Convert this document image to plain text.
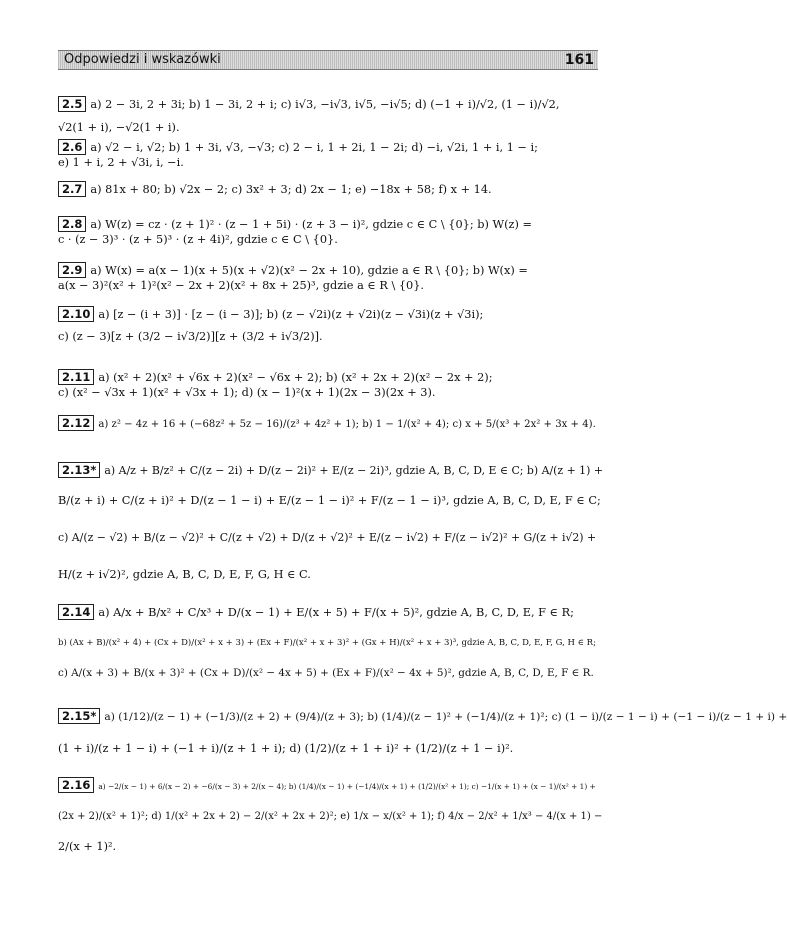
Odpowiedzi i wskazówki	161
2.5 a) 2 − 3i, 2 + 3i; b) 1 − 3i, 2 + i; c) i√3, −i√3, i√5, −i√5; d) (−1 + i)/√2, (1 − i)/√2,
√2(1 + i), −√2(1 + i).
2.6 a) √2 − i, √2; b) 1 + 3i, √3, −√3; c) 2 − i, 1 + 2i, 1 − 2i; d) −i, √2i, 1 + i, 1 − i;
e) 1 + i, 2 + √3i, i, −i.
2.7 a) 81x + 80; b) √2x − 2; c) 3x² + 3; d) 2x − 1; e) −18x + 58; f) x + 14.
2.8 a) W(z) = cz · (z + 1)² · (z − 1 + 5i) · (z + 3 − i)², gdzie c ∈ C \ {0}; b) W(z) =
c · (z − 3)³ · (z + 5)³ · (z + 4i)², gdzie c ∈ C \ {0}.
2.9 a) W(x) = a(x − 1)(x + 5)(x + √2)(x² − 2x + 10), gdzie a ∈ R \ {0}; b) W(x) =
a(x − 3)²(x² + 1)²(x² − 2x + 2)(x² + 8x + 25)³, gdzie a ∈ R \ {0}.
2.10 a) [z − (i + 3)] · [z − (i − 3)]; b) (z − √2i)(z + √2i)(z − √3i)(z + √3i);
c) (z − 3)[z + (3/2 − i√3/2)][z + (3/2 + i√3/2)].
2.11 a) (x² + 2)(x² + √6x + 2)(x² − √6x + 2); b) (x² + 2x + 2)(x² − 2x + 2);
c) (x² − √3x + 1)(x² + √3x + 1); d) (x − 1)²(x + 1)(2x − 3)(2x + 3).
2.12 a) z² − 4z + 16 + (−68z² + 5z − 16)/(z³ + 4z² + 1); b) 1 − 1/(x² + 4); c) x + 5/(x³ + 2x² + 3x + 4).
2.13* a) A/z + B/z² + C/(z − 2i) + D/(z − 2i)² + E/(z − 2i)³, gdzie A, B, C, D, E ∈ C; b) A/(z + 1) +
B/(z + i) + C/(z + i)² + D/(z − 1 − i) + E/(z − 1 − i)² + F/(z − 1 − i)³, gdzie A, B, C, D, E, F ∈ C;
c) A/(z − √2) + B/(z − √2)² + C/(z + √2) + D/(z + √2)² + E/(z − i√2) + F/(z − i√2)² + G/(z + i√2) +
H/(z + i√2)², gdzie A, B, C, D, E, F, G, H ∈ C.
2.14 a) A/x + B/x² + C/x³ + D/(x − 1) + E/(x + 5) + F/(x + 5)², gdzie A, B, C, D, E, F ∈ R;
b) (Ax + B)/(x² + 4) + (Cx + D)/(x² + x + 3) + (Ex + F)/(x² + x + 3)² + (Gx + H)/(x² + x + 3)³, gdzie A, B, C, D, E, F, G, H ∈ R;
c) A/(x + 3) + B/(x + 3)² + (Cx + D)/(x² − 4x + 5) + (Ex + F)/(x² − 4x + 5)², gdzie A, B, C, D, E, F ∈ R.
2.15* a) (1/12)/(z − 1) + (−1/3)/(z + 2) + (9/4)/(z + 3); b) (1/4)/(z − 1)² + (−1/4)/(z + 1)²; c) (1 − i)/(z − 1 − i) + (−1 − i)/(z − 1 + i) +
(1 + i)/(z + 1 − i) + (−1 + i)/(z + 1 + i); d) (1/2)/(z + 1 + i)² + (1/2)/(z + 1 − i)².
2.16 a) −2/(x − 1) + 6/(x − 2) + −6/(x − 3) + 2/(x − 4); b) (1/4)/(x − 1) + (−1/4)/(x + 1) + (1/2)/(x² + 1); c) −1/(x + 1) + (x − 1)/(x² + 1) +
(2x + 2)/(x² + 1)²; d) 1/(x² + 2x + 2) − 2/(x² + 2x + 2)²; e) 1/x − x/(x² + 1); f) 4/x − 2/x² + 1/x³ − 4/(x + 1) −
2/(x + 1)².
